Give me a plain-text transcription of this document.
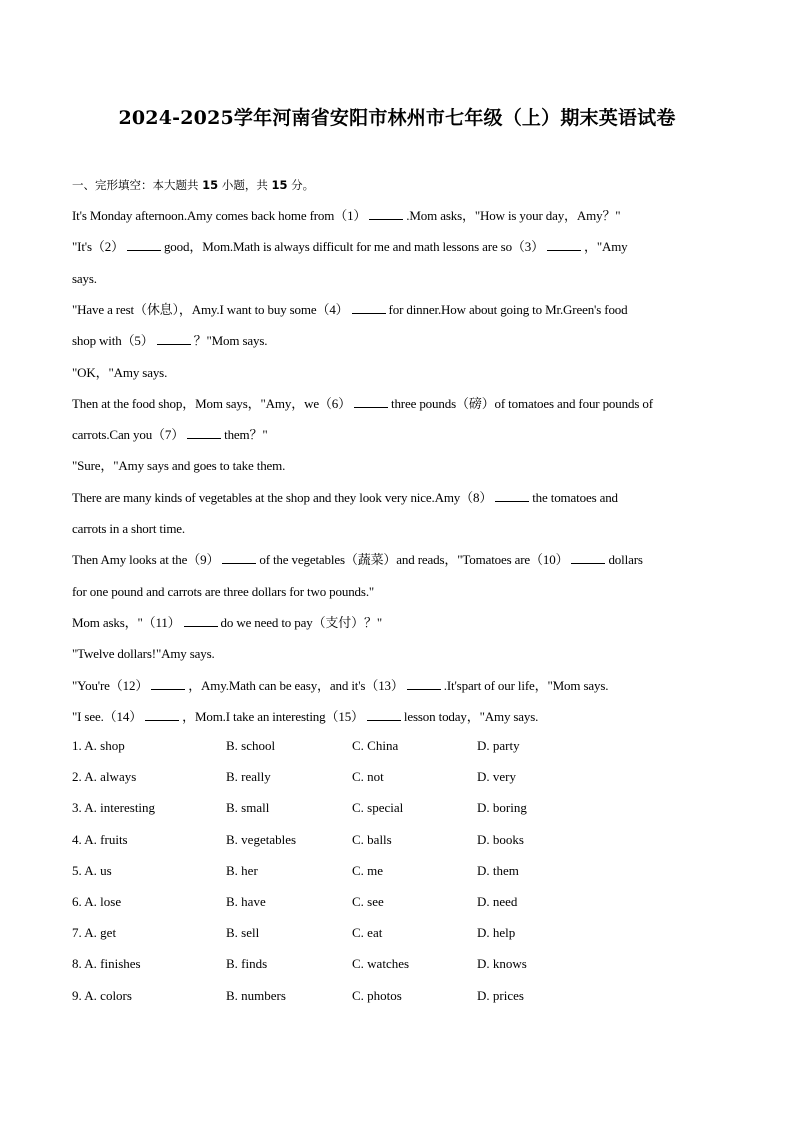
2024-2025学年河南省安阳市林州市七年级（上）期末英语试卷
一、完形填空：本大题共 15 小题，共 15 分。
It's Monday afternoon.Amy comes back home from（1）	.Mom asks，"How is your day，Amy？"
"It's（2）	good，Mom.Math is always difficult for me and math lessons are so（3）	，"Amy
says.
"Have a rest（休息），Amy.I want to buy some（4）	for dinner.How about going to Mr.Green's food
shop with（5）	？"Mom says.
"OK，"Amy says.
Then at the food shop，Mom says，"Amy，we（6）	three pounds（磅）of tomatoes and four pounds of
carrots.Can you（7）	them？"
"Sure，"Amy says and goes to take them.
There are many kinds of vegetables at the shop and they look very nice.Amy（8）	the tomatoes and
carrots in a short time.
Then Amy looks at the（9）	of the vegetables（蔬菜）and reads，"Tomatoes are（10）	dollars
for one pound and carrots are three dollars for two pounds."
Mom asks，"（11）	do we need to pay（支付）？"
"Twelve dollars!"Amy says.
"You're（12）	，Amy.Math can be easy，and it's（13）	.It'spart of our life，"Mom says.
"I see.（14）	，Mom.I take an interesting（15）	lesson today，"Amy says.
1. A. shop	B. school	C. China	D. party
2. A. always	B. really	C. not	D. very
3. A. interesting	B. small	C. special	D. boring
4. A. fruits	B. vegetables	C. balls	D. books
5. A. us	B. her	C. me	D. them
6. A. lose	B. have	C. see	D. need
7. A. get	B. sell	C. eat	D. help
8. A. finishes	B. finds	C. watches	D. knows
9. A. colors	B. numbers	C. photos	D. prices
